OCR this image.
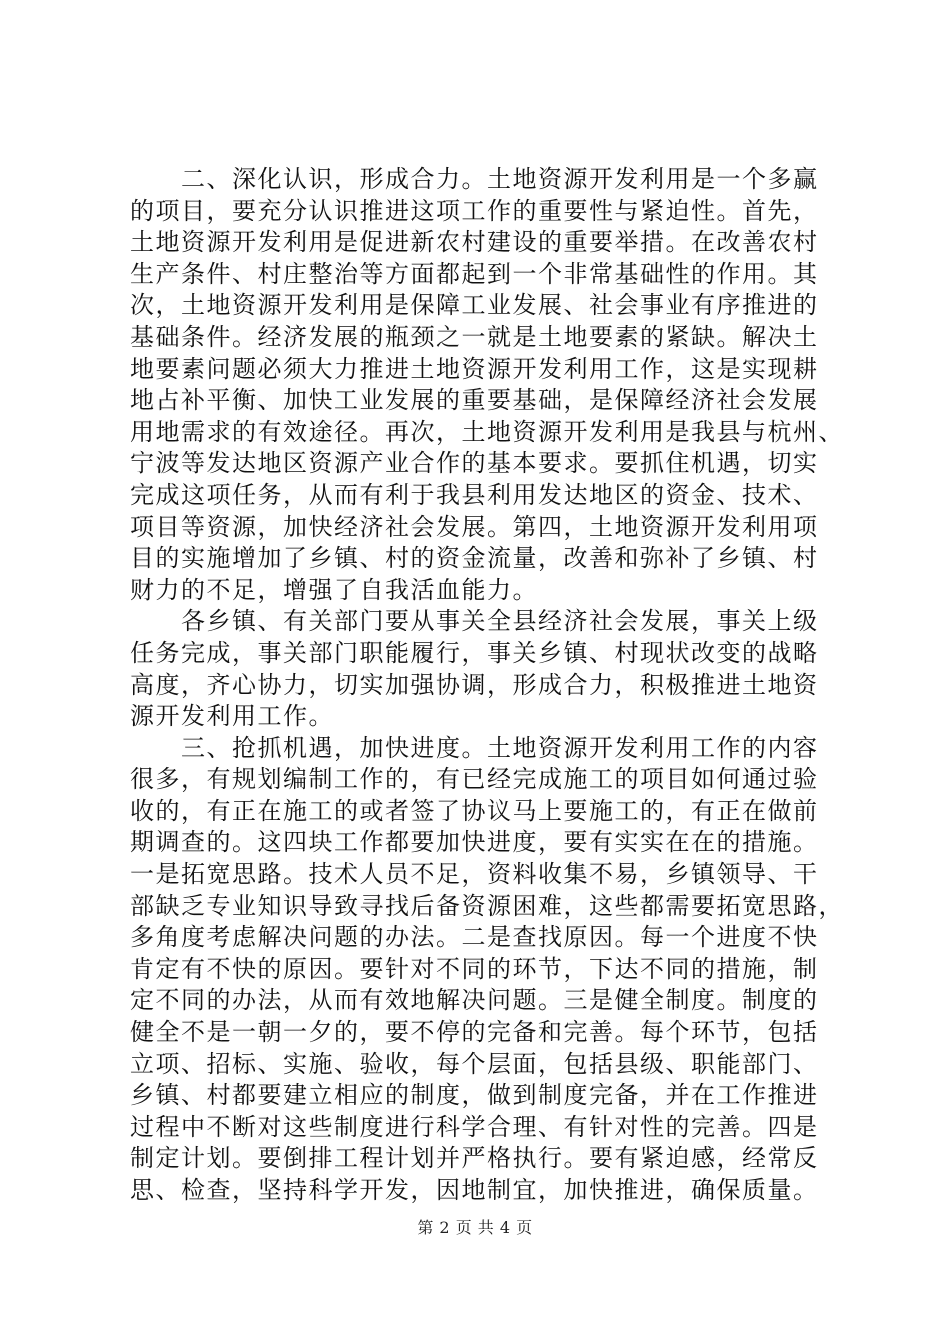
　　二、深化认识，形成合力。土地资源开发利用是一个多赢
的项目，要充分认识推进这项工作的重要性与紧迫性。首先，
土地资源开发利用是促进新农村建设的重要举措。在改善农村
生产条件、村庄整治等方面都起到一个非常基础性的作用。其
次，土地资源开发利用是保障工业发展、社会事业有序推进的
基础条件。经济发展的瓶颈之一就是土地要素的紧缺。解决土
地要素问题必须大力推进土地资源开发利用工作，这是实现耕
地占补平衡、加快工业发展的重要基础，是保障经济社会发展
用地需求的有效途径。再次，土地资源开发利用是我县与杭州、
宁波等发达地区资源产业合作的基本要求。要抓住机遇，切实
完成这项任务，从而有利于我县利用发达地区的资金、技术、
项目等资源，加快经济社会发展。第四，土地资源开发利用项
目的实施增加了乡镇、村的资金流量，改善和弥补了乡镇、村
财力的不足，增强了自我活血能力。
　　各乡镇、有关部门要从事关全县经济社会发展，事关上级
任务完成，事关部门职能履行，事关乡镇、村现状改变的战略
高度，齐心协力，切实加强协调，形成合力，积极推进土地资
源开发利用工作。
　　三、抢抓机遇，加快进度。土地资源开发利用工作的内容
很多，有规划编制工作的，有已经完成施工的项目如何通过验
收的，有正在施工的或者签了协议马上要施工的，有正在做前
期调查的。这四块工作都要加快进度，要有实实在在的措施。
一是拓宽思路。技术人员不足，资料收集不易，乡镇领导、干
部缺乏专业知识导致寻找后备资源困难，这些都需要拓宽思路，
多角度考虑解决问题的办法。二是查找原因。每一个进度不快
肯定有不快的原因。要针对不同的环节，下达不同的措施，制
定不同的办法，从而有效地解决问题。三是健全制度。制度的
健全不是一朝一夕的，要不停的完备和完善。每个环节，包括
立项、招标、实施、验收，每个层面，包括县级、职能部门、
乡镇、村都要建立相应的制度，做到制度完备，并在工作推进
过程中不断对这些制度进行科学合理、有针对性的完善。四是
制定计划。要倒排工程计划并严格执行。要有紧迫感，经常反
思、检查，坚持科学开发，因地制宜，加快推进，确保质量。
第 2 页 共 4 页
